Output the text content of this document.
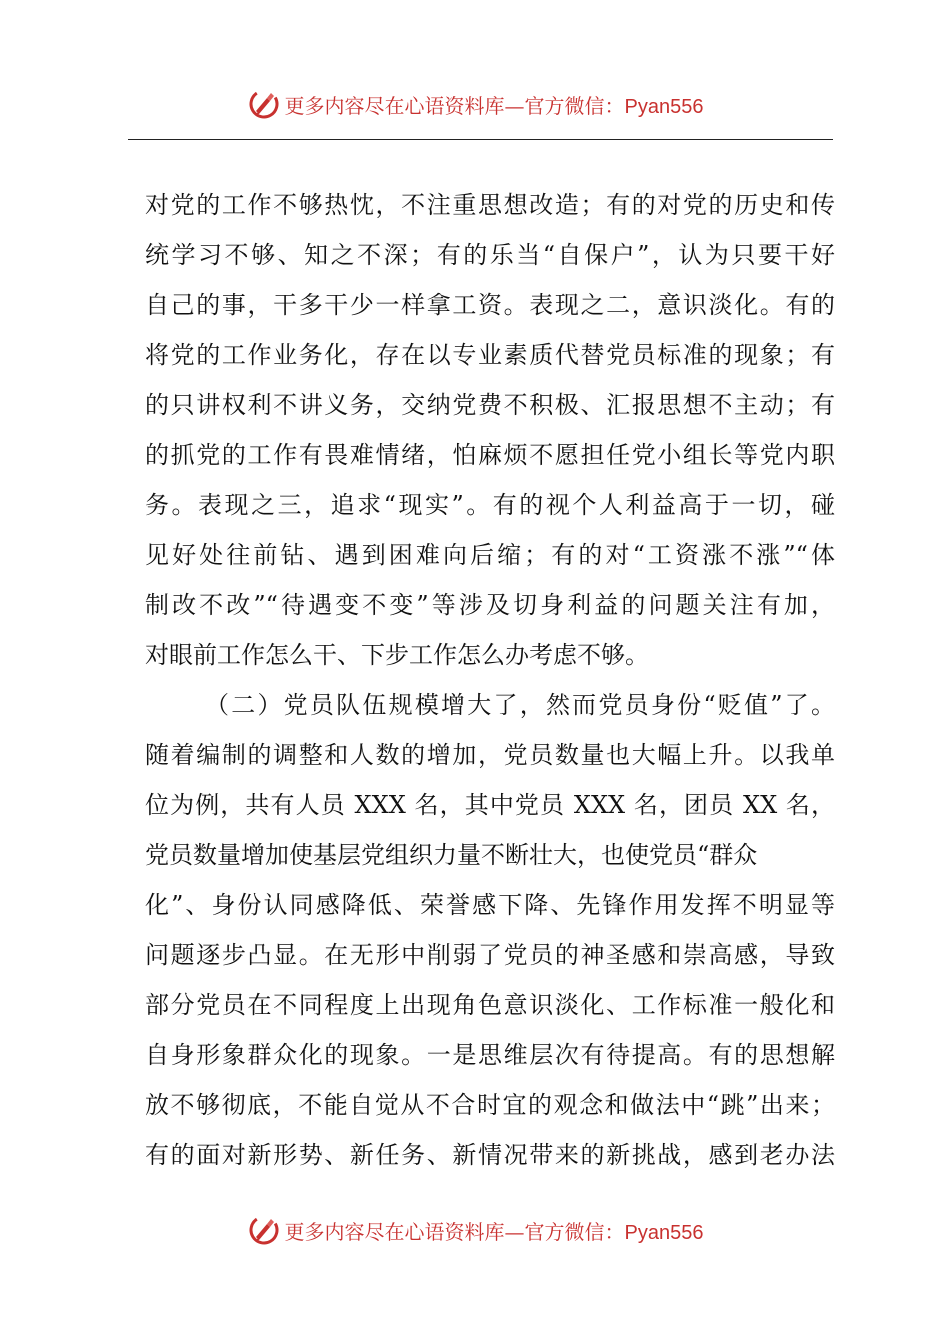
更多内容尽在心语资料库—官方微信：Pyan556
对党的工作不够热忱，不注重思想改造；有的对党的历史和传
统学习不够、知之不深；有的乐当“自保户”，认为只要干好
自己的事，干多干少一样拿工资。表现之二，意识淡化。有的
将党的工作业务化，存在以专业素质代替党员标准的现象；有
的只讲权利不讲义务，交纳党费不积极、汇报思想不主动；有
的抓党的工作有畏难情绪，怕麻烦不愿担任党小组长等党内职
务。表现之三，追求“现实”。有的视个人利益高于一切，碰
见好处往前钻、遇到困难向后缩；有的对“工资涨不涨”“体
制改不改”“待遇变不变”等涉及切身利益的问题关注有加，
对眼前工作怎么干、下步工作怎么办考虑不够。
（二）党员队伍规模增大了，然而党员身份“贬值”了。
随着编制的调整和人数的增加，党员数量也大幅上升。以我单
位为例，共有人员 XXX 名，其中党员 XXX 名，团员 XX 名，
党员数量增加使基层党组织力量不断壮大，也使党员“群众
化”、身份认同感降低、荣誉感下降、先锋作用发挥不明显等
问题逐步凸显。在无形中削弱了党员的神圣感和崇高感，导致
部分党员在不同程度上出现角色意识淡化、工作标准一般化和
自身形象群众化的现象。一是思维层次有待提高。有的思想解
放不够彻底，不能自觉从不合时宜的观念和做法中“跳”出来；
有的面对新形势、新任务、新情况带来的新挑战，感到老办法
更多内容尽在心语资料库—官方微信：Pyan556
